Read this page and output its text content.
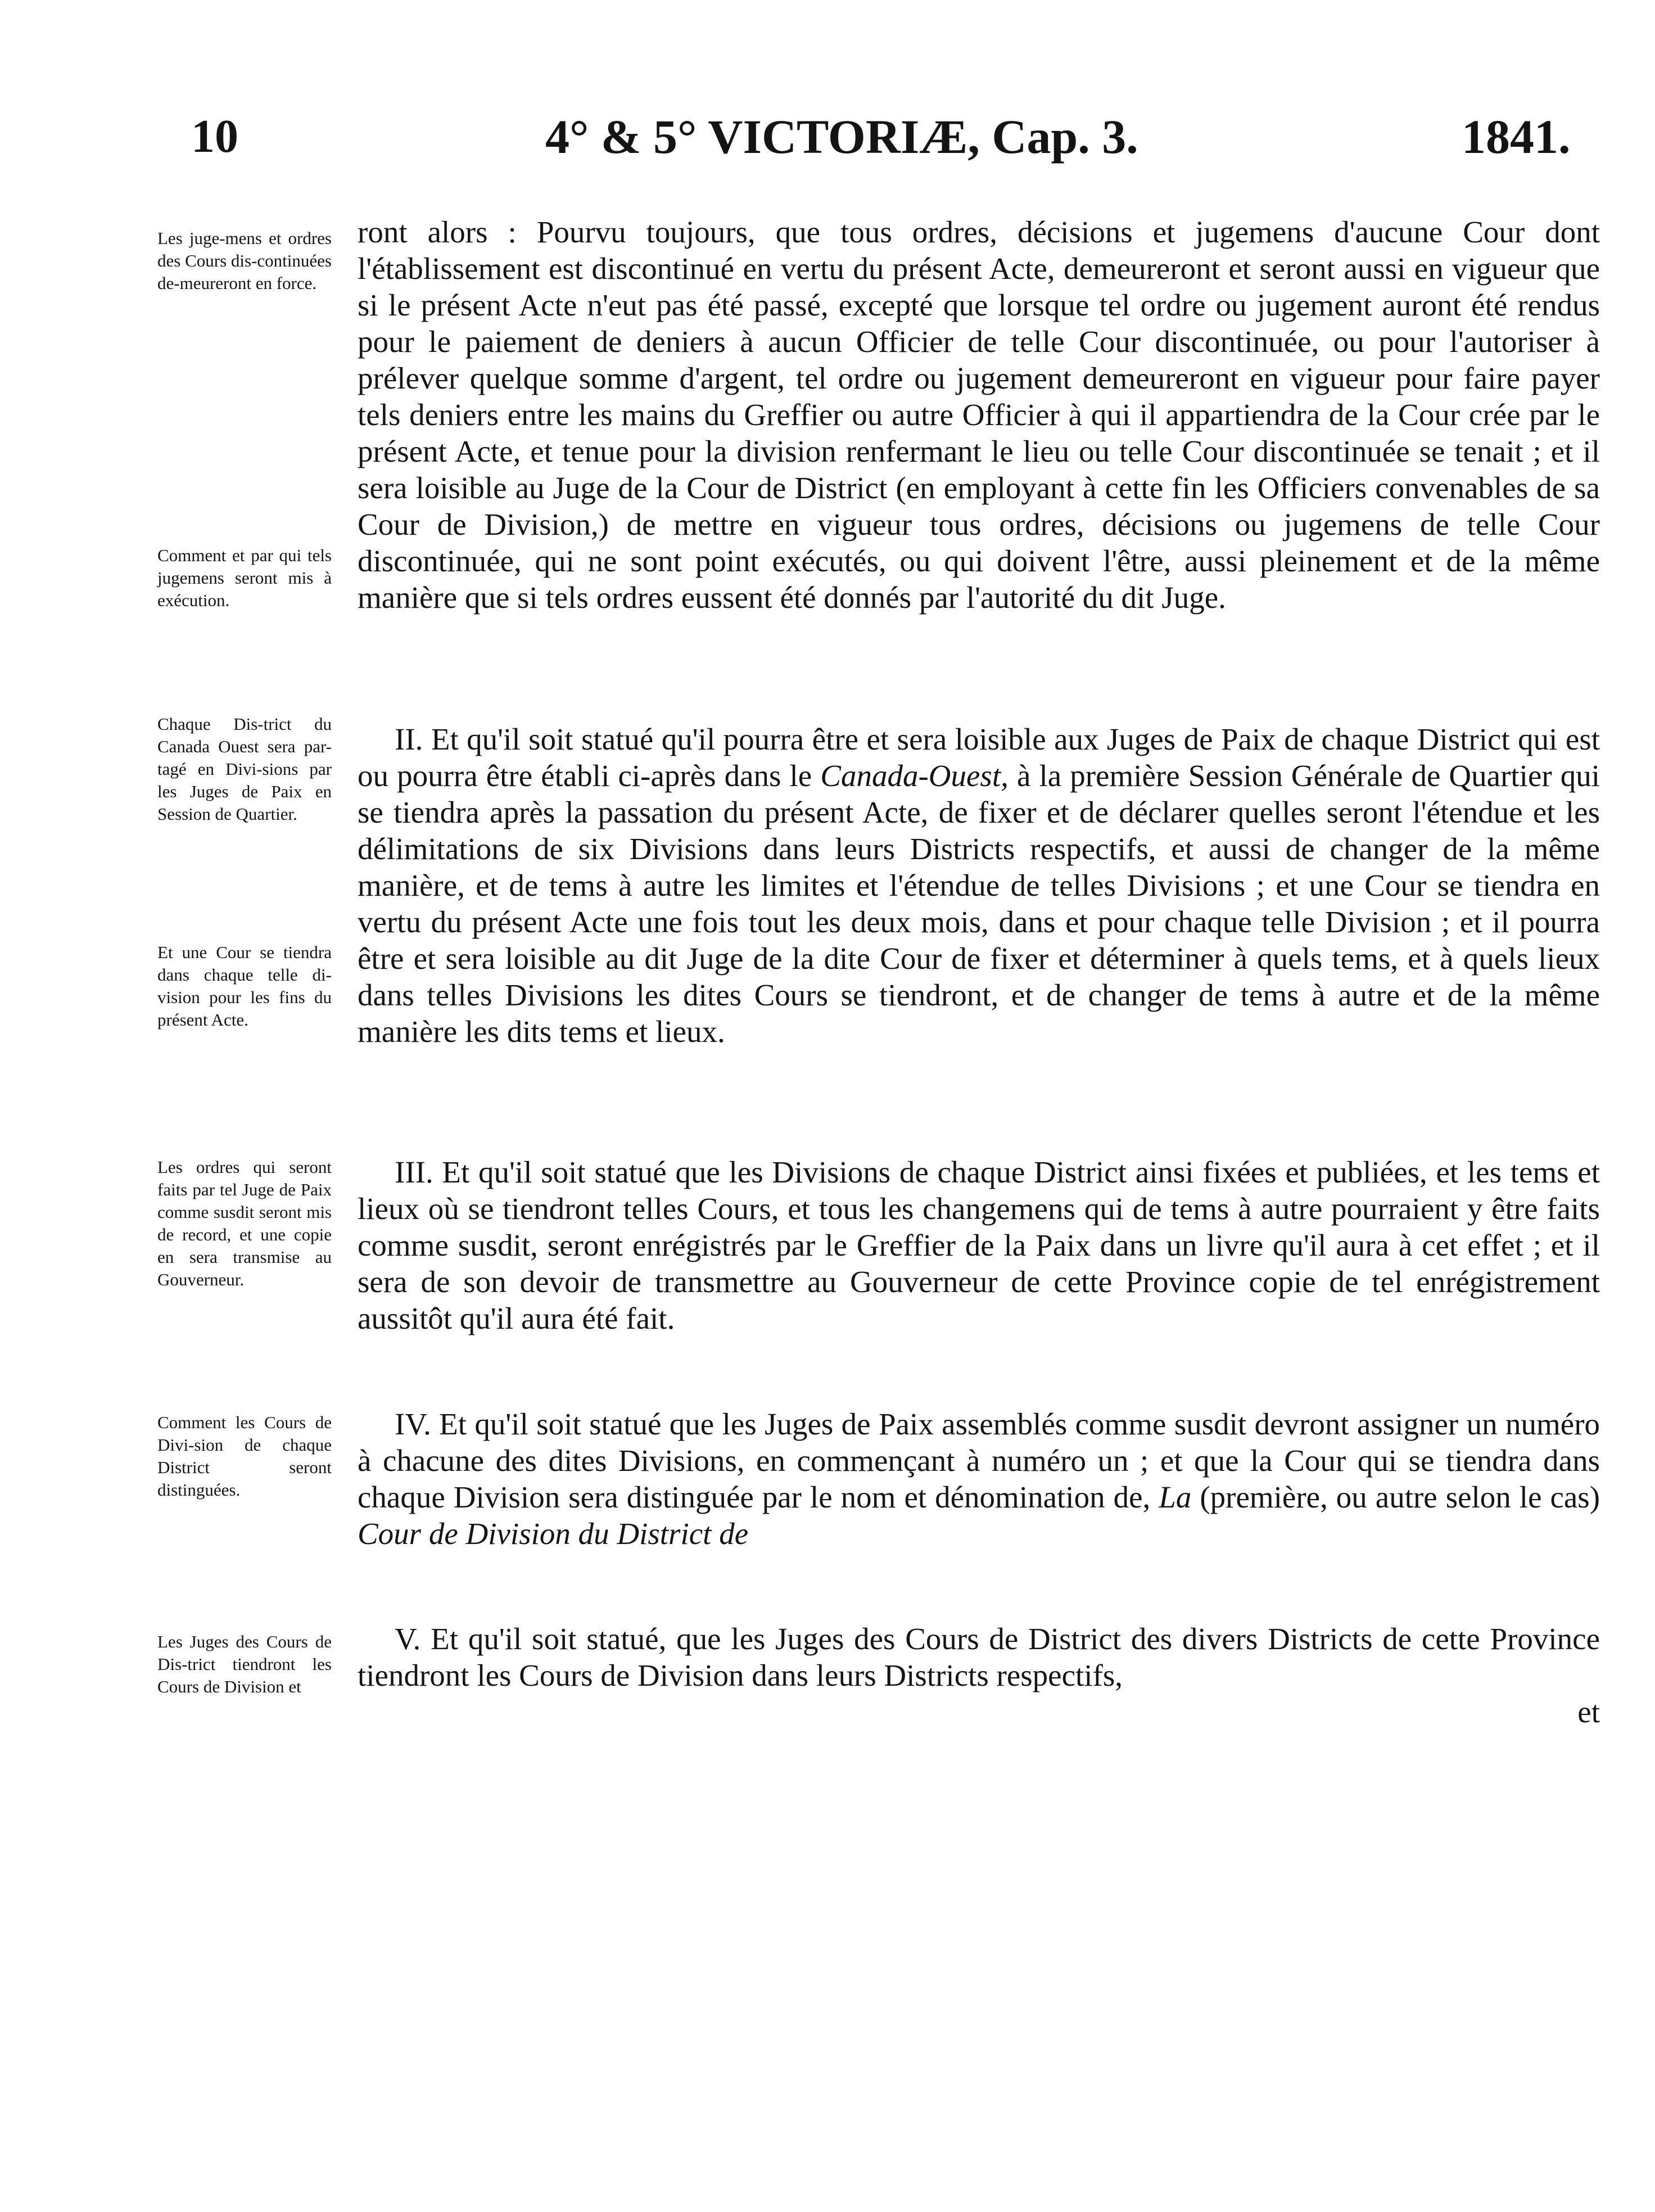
10	4° & 5° VICTORIÆ, Cap. 3.	1841.
Les juge-mens et ordres des Cours dis-continuées de-meureront en force.
Comment et par qui tels jugemens seront mis à exécution.
Chaque Dis-trict du Canada Ouest sera par-tagé en Divi-sions par les Juges de Paix en Session de Quartier.
Et une Cour se tiendra dans chaque telle di-vision pour les fins du présent Acte.
Les ordres qui seront faits par tel Juge de Paix comme susdit seront mis de record, et une copie en sera transmise au Gouverneur.
Comment les Cours de Divi-sion de chaque District seront distinguées.
Les Juges des Cours de Dis-trict tiendront les Cours de Division et
ront alors : Pourvu toujours, que tous ordres, décisions et jugemens d'aucune Cour dont l'établissement est discontinué en vertu du présent Acte, demeureront et seront aussi en vigueur que si le présent Acte n'eut pas été passé, excepté que lorsque tel ordre ou jugement auront été rendus pour le paiement de deniers à aucun Officier de telle Cour discontinuée, ou pour l'autoriser à prélever quelque somme d'argent, tel ordre ou jugement demeureront en vigueur pour faire payer tels deniers entre les mains du Greffier ou autre Officier à qui il appartiendra de la Cour crée par le présent Acte, et tenue pour la division renfermant le lieu ou telle Cour discontinuée se tenait ; et il sera loisible au Juge de la Cour de District (en employant à cette fin les Officiers convenables de sa Cour de Division,) de mettre en vigueur tous ordres, décisions ou jugemens de telle Cour discontinuée, qui ne sont point exécutés, ou qui doivent l'être, aussi pleinement et de la même manière que si tels ordres eussent été donnés par l'autorité du dit Juge.
II. Et qu'il soit statué qu'il pourra être et sera loisible aux Juges de Paix de chaque District qui est ou pourra être établi ci-après dans le Canada-Ouest, à la première Session Générale de Quartier qui se tiendra après la passation du présent Acte, de fixer et de déclarer quelles seront l'étendue et les délimitations de six Divisions dans leurs Districts respectifs, et aussi de changer de la même manière, et de tems à autre les limites et l'étendue de telles Divisions ; et une Cour se tiendra en vertu du présent Acte une fois tout les deux mois, dans et pour chaque telle Division ; et il pourra être et sera loisible au dit Juge de la dite Cour de fixer et déterminer à quels tems, et à quels lieux dans telles Divisions les dites Cours se tiendront, et de changer de tems à autre et de la même manière les dits tems et lieux.
III. Et qu'il soit statué que les Divisions de chaque District ainsi fixées et publiées, et les tems et lieux où se tiendront telles Cours, et tous les changemens qui de tems à autre pourraient y être faits comme susdit, seront enrégistrés par le Greffier de la Paix dans un livre qu'il aura à cet effet ; et il sera de son devoir de transmettre au Gouverneur de cette Province copie de tel enrégistrement aussitôt qu'il aura été fait.
IV. Et qu'il soit statué que les Juges de Paix assemblés comme susdit devront assigner un numéro à chacune des dites Divisions, en commençant à numéro un ; et que la Cour qui se tiendra dans chaque Division sera distinguée par le nom et dénomination de, La (première, ou autre selon le cas) Cour de Division du District de
V. Et qu'il soit statué, que les Juges des Cours de District des divers Districts de cette Province tiendront les Cours de Division dans leurs Districts respectifs,
et
